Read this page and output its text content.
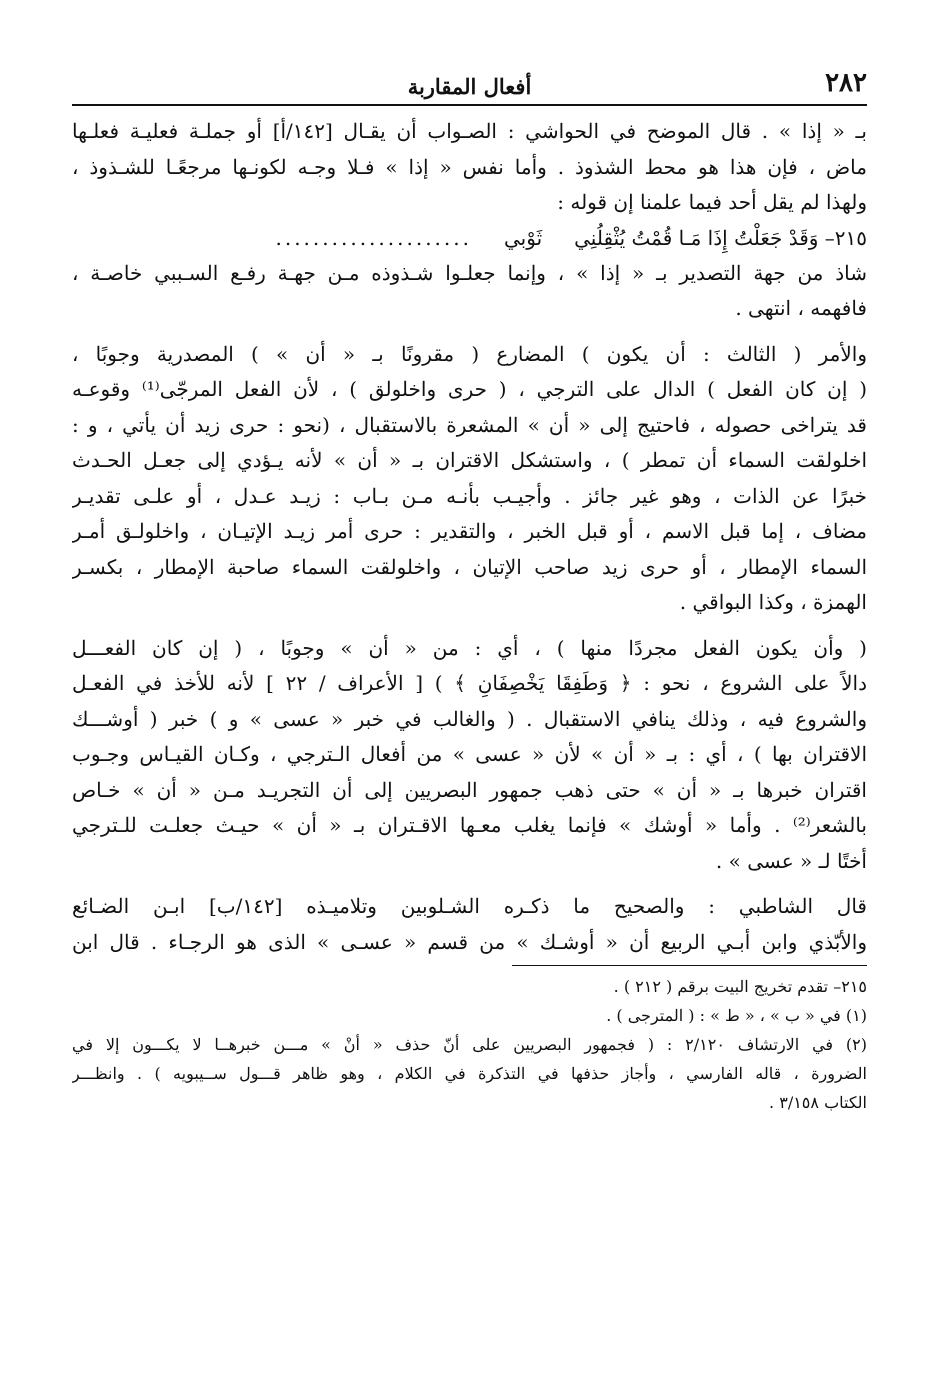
٢٨٢
أفعال المقاربة
بـ « إذا » . قال الموضح في الحواشي : الصـواب أن يقـال [١٤٢/أ] أو جملـة فعليـة فعلـها
ماض ، فإن هذا هو محط الشذوذ . وأما نفس « إذا » فـلا وجـه لكونـها مرجعًـا للشـذوذ ،
ولهذا لم يقل أحد فيما علمنا إن قوله :
٢١٥– وَقَدْ جَعَلْتُ إِذَا مَـا قُمْتُ يُثْقِلُنِي
ثَوْبي
.....................
شاذ من جهة التصدير بـ « إذا » ، وإنما جعلـوا شـذوذه مـن جهـة رفـع السـببي خاصـة ،
فافهمه ، انتهى .
والأمر ( الثالث : أن يكون ) المضارع ( مقرونًا بـ « أن » ) المصدرية وجوبًا ،
( إن كان الفعل ) الدال على الترجي ، ( حرى واخلولق ) ، لأن الفعل المرجّى⁽¹⁾ وقوعـه
قد يتراخى حصوله ، فاحتيج إلى « أن » المشعرة بالاستقبال ، (نحو : حرى زيد أن يأتي ، و :
اخلولقت السماء أن تمطر ) ، واستشكل الاقتران بـ « أن » لأنه يـؤدي إلى جعـل الحـدث
خبرًا عن الذات ، وهو غير جائز . وأجيـب بأنـه مـن بـاب : زيـد عـدل ، أو علـى تقديـر
مضاف ، إما قبل الاسم ، أو قبل الخبر ، والتقدير : حرى أمر زيـد الإتيـان ، واخلولـق أمـر
السماء الإمطار ، أو حرى زيد صاحب الإتيان ، واخلولقت السماء صاحبة الإمطار ، بكسـر
الهمزة ، وكذا البواقي .
( وأن يكون الفعل مجردًا منها ) ، أي : من « أن » وجوبًا ، ( إن كان الفعـــل
دالاً على الشروع ، نحو : ﴿ وَطَفِقَا يَخْصِفَانِ ﴾ ) [ الأعراف / ٢٢ ] لأنه للأخذ في الفعـل
والشروع فيه ، وذلك ينافي الاستقبال . ( والغالب في خبر « عسى » و ) خبر ( أوشـــك
الاقتران بها ) ، أي : بـ « أن » لأن « عسى » من أفعال الـترجي ، وكـان القيـاس وجـوب
اقتران خبرها بـ « أن » حتى ذهب جمهور البصريين إلى أن التجريـد مـن « أن » خـاص
بالشعر⁽²⁾ . وأما « أوشك » فإنما يغلب معـها الاقـتران بـ « أن » حيـث جعلـت للـترجي
أختًا لـ « عسى » .
قال الشاطبي : والصحيح ما ذكـره الشـلوبين وتلاميـذه [١٤٢/ب] ابـن الضـائع
والأبّذي وابن أبـي الربيع أن « أوشـك » من قسم « عسـى » الذى هو الرجـاء . قال ابن
٢١٥– تقدم تخريج البيت برقم ( ٢١٢ ) .
(١) في « ب » ، « ط » : ( المترجى ) .
(٢) في الارتشاف ٢/١٢٠ : ( فجمهور البصريين على أنّ حذف « أنْ » مـــن خبرهــا لا يكـــون إلا في
الضرورة ، قاله الفارسي ، وأجاز حذفها في التذكرة في الكلام ، وهو ظاهر قـــول ســيبويه ) . وانظـــر
الكتاب ٣/١٥٨ .
